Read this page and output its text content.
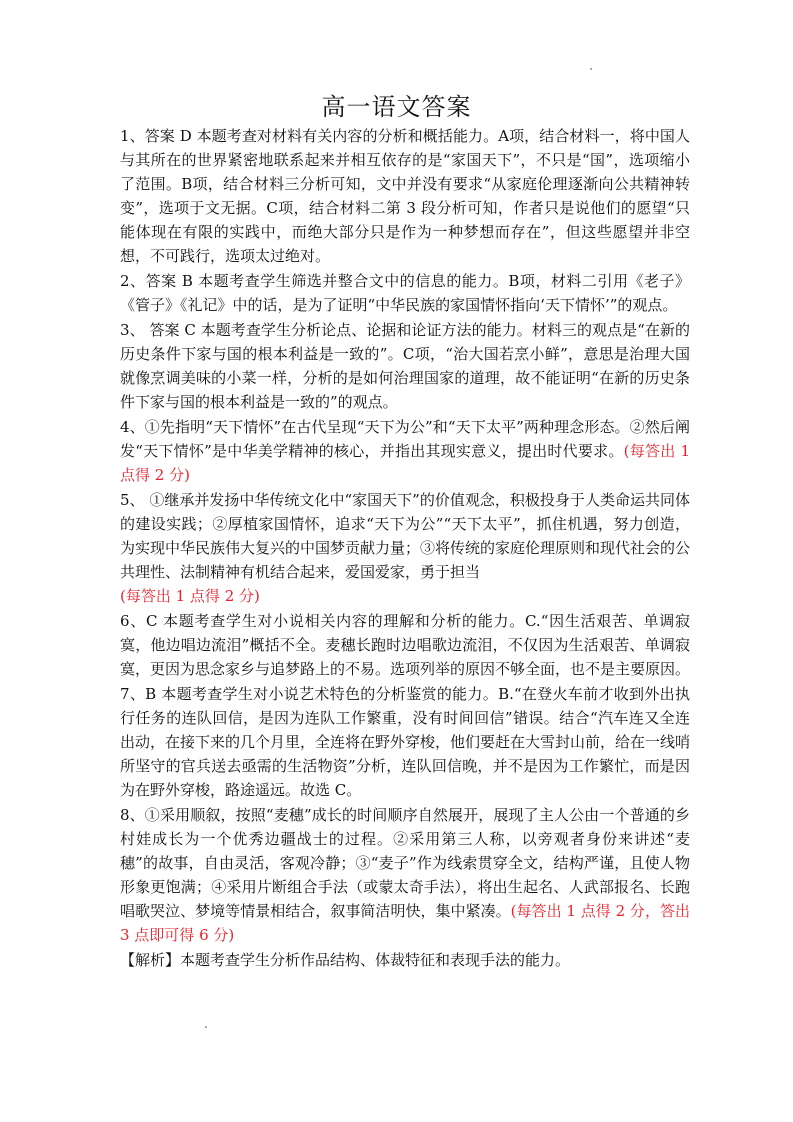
高一语文答案

1、答案 D 本题考查对材料有关内容的分析和概括能力。A项，结合材料一，将中国人与其所在的世界紧密地联系起来并相互依存的是“家国天下”，不只是“国”，选项缩小了范围。B项，结合材料三分析可知，文中并没有要求“从家庭伦理逐渐向公共精神转变”，选项于文无据。C项，结合材料二第 3 段分析可知，作者只是说他们的愿望“只能体现在有限的实践中，而绝大部分只是作为一种梦想而存在”，但这些愿望并非空想，不可践行，选项太过绝对。

2、答案 B 本题考查学生筛选并整合文中的信息的能力。B项，材料二引用《老子》《管子》《礼记》中的话，是为了证明“中华民族的家国情怀指向‘天下情怀’”的观点。

3、 答案 C 本题考查学生分析论点、论据和论证方法的能力。材料三的观点是“在新的历史条件下家与国的根本利益是一致的”。C项，“治大国若烹小鲜”，意思是治理大国就像烹调美味的小菜一样，分析的是如何治理国家的道理，故不能证明“在新的历史条件下家与国的根本利益是一致的”的观点。

4、①先指明“天下情怀”在古代呈现“天下为公”和“天下太平”两种理念形态。②然后阐发“天下情怀”是中华美学精神的核心，并指出其现实意义，提出时代要求。(每答出 1 点得 2 分)

5、 ①继承并发扬中华传统文化中“家国天下”的价值观念，积极投身于人类命运共同体的建设实践；②厚植家国情怀，追求“天下为公”“天下太平”，抓住机遇，努力创造，为实现中华民族伟大复兴的中国梦贡献力量；③将传统的家庭伦理原则和现代社会的公共理性、法制精神有机结合起来，爱国爱家，勇于担当
(每答出 1 点得 2 分)

6、C 本题考查学生对小说相关内容的理解和分析的能力。C.“因生活艰苦、单调寂寞，他边唱边流泪”概括不全。麦穗长跑时边唱歌边流泪，不仅因为生活艰苦、单调寂寞，更因为思念家乡与追梦路上的不易。选项列举的原因不够全面，也不是主要原因。

7、B 本题考查学生对小说艺术特色的分析鉴赏的能力。B.“在登火车前才收到外出执行任务的连队回信，是因为连队工作繁重，没有时间回信”错误。结合“汽车连又全连出动，在接下来的几个月里，全连将在野外穿梭，他们要赶在大雪封山前，给在一线哨所坚守的官兵送去亟需的生活物资”分析，连队回信晚，并不是因为工作繁忙，而是因为在野外穿梭，路途遥远。故选 C。

8、①采用顺叙，按照“麦穗”成长的时间顺序自然展开，展现了主人公由一个普通的乡村娃成长为一个优秀边疆战士的过程。②采用第三人称，以旁观者身份来讲述“麦穗”的故事，自由灵活，客观冷静；③“麦子”作为线索贯穿全文，结构严谨，且使人物形象更饱满；④采用片断组合手法（或蒙太奇手法），将出生起名、人武部报名、长跑唱歌哭泣、梦境等情景相结合，叙事简洁明快，集中紧凑。(每答出 1 点得 2 分，答出 3 点即可得 6 分)

【解析】本题考查学生分析作品结构、体裁特征和表现手法的能力。
